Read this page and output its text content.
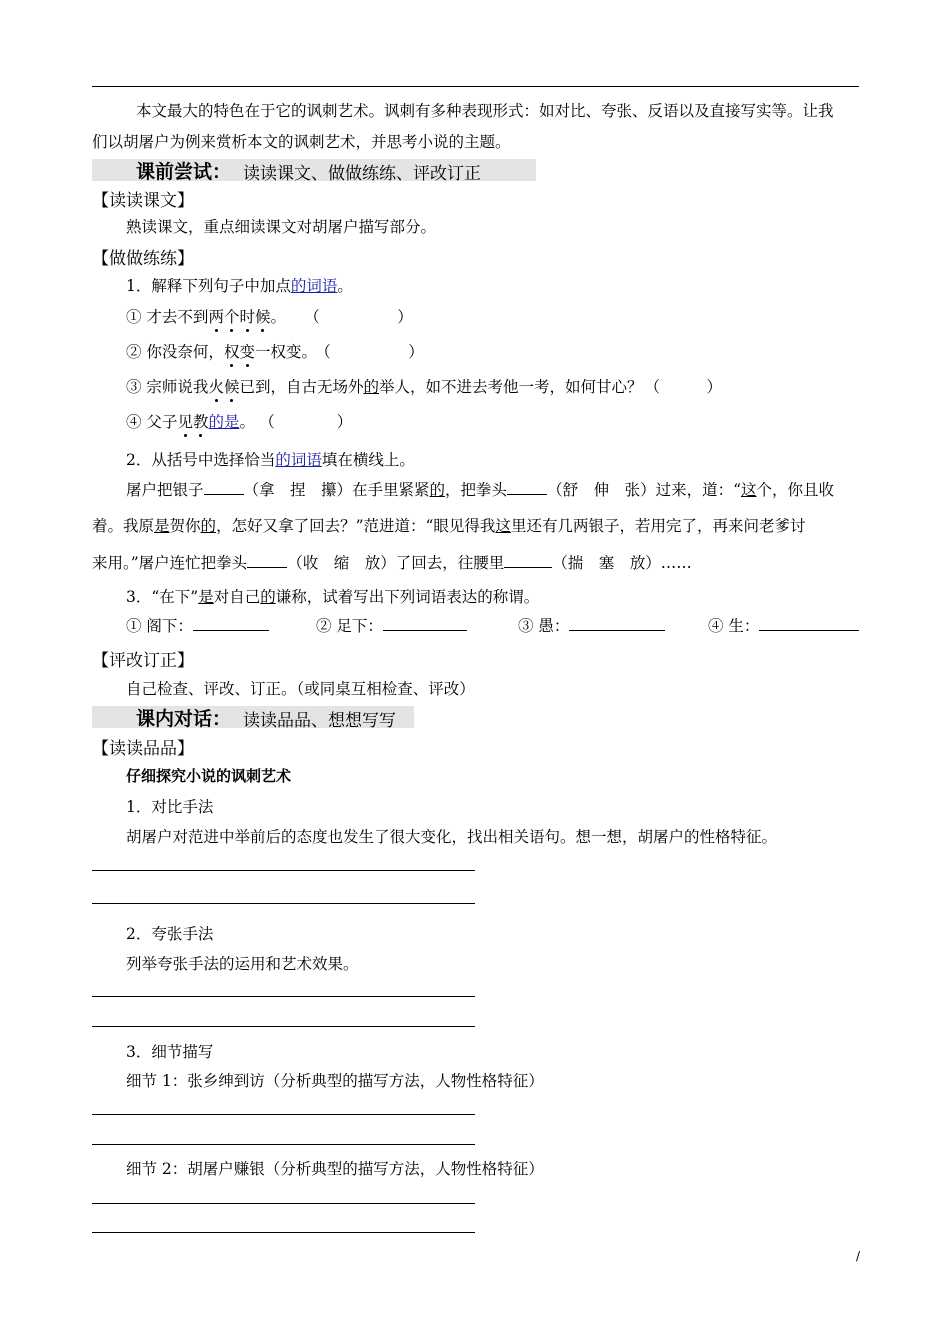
本文最大的特色在于它的讽刺艺术。讽刺有多种表现形式：如对比、夸张、反语以及直接写实等。让我
们以胡屠户为例来赏析本文的讽刺艺术，并思考小说的主题。
课前尝试： 读读课文、做做练练、评改订正
【读读课文】
熟读课文，重点细读课文对胡屠户描写部分。
【做做练练】
1．解释下列句子中加点的词语。
① 才去不到两个时候。 （　　　　　）
② 你没奈何，权变一权变。 （　　　　　）
③ 宗师说我火候已到，自古无场外的举人，如不进去考他一考，如何甘心？ （　　　）
④ 父子见教的是。 （　　　　）
2．从括号中选择恰当的词语填在横线上。
屠户把银子	（拿　捏　攥）在手里紧紧的，把拳头	（舒　伸　张）过来，道：“这个，你且收
着。我原是贺你的，怎好又拿了回去？”范进道：“眼见得我这里还有几两银子，若用完了，再来问老爹讨
来用。”屠户连忙把拳头	（收　缩　放）了回去，往腰里	（揣　塞　放）……
3．“在下”是对自己的谦称，试着写出下列词语表达的称谓。
① 阁下：	② 足下：	③ 愚：	④ 生：
【评改订正】
自己检查、评改、订正。（或同桌互相检查、评改）
课内对话： 读读品品、想想写写
【读读品品】
仔细探究小说的讽刺艺术
1．对比手法
胡屠户对范进中举前后的态度也发生了很大变化，找出相关语句。想一想，胡屠户的性格特征。
2．夸张手法
列举夸张手法的运用和艺术效果。
3．细节描写
细节 1：张乡绅到访（分析典型的描写方法，人物性格特征）
细节 2：胡屠户赚银（分析典型的描写方法，人物性格特征）
/
